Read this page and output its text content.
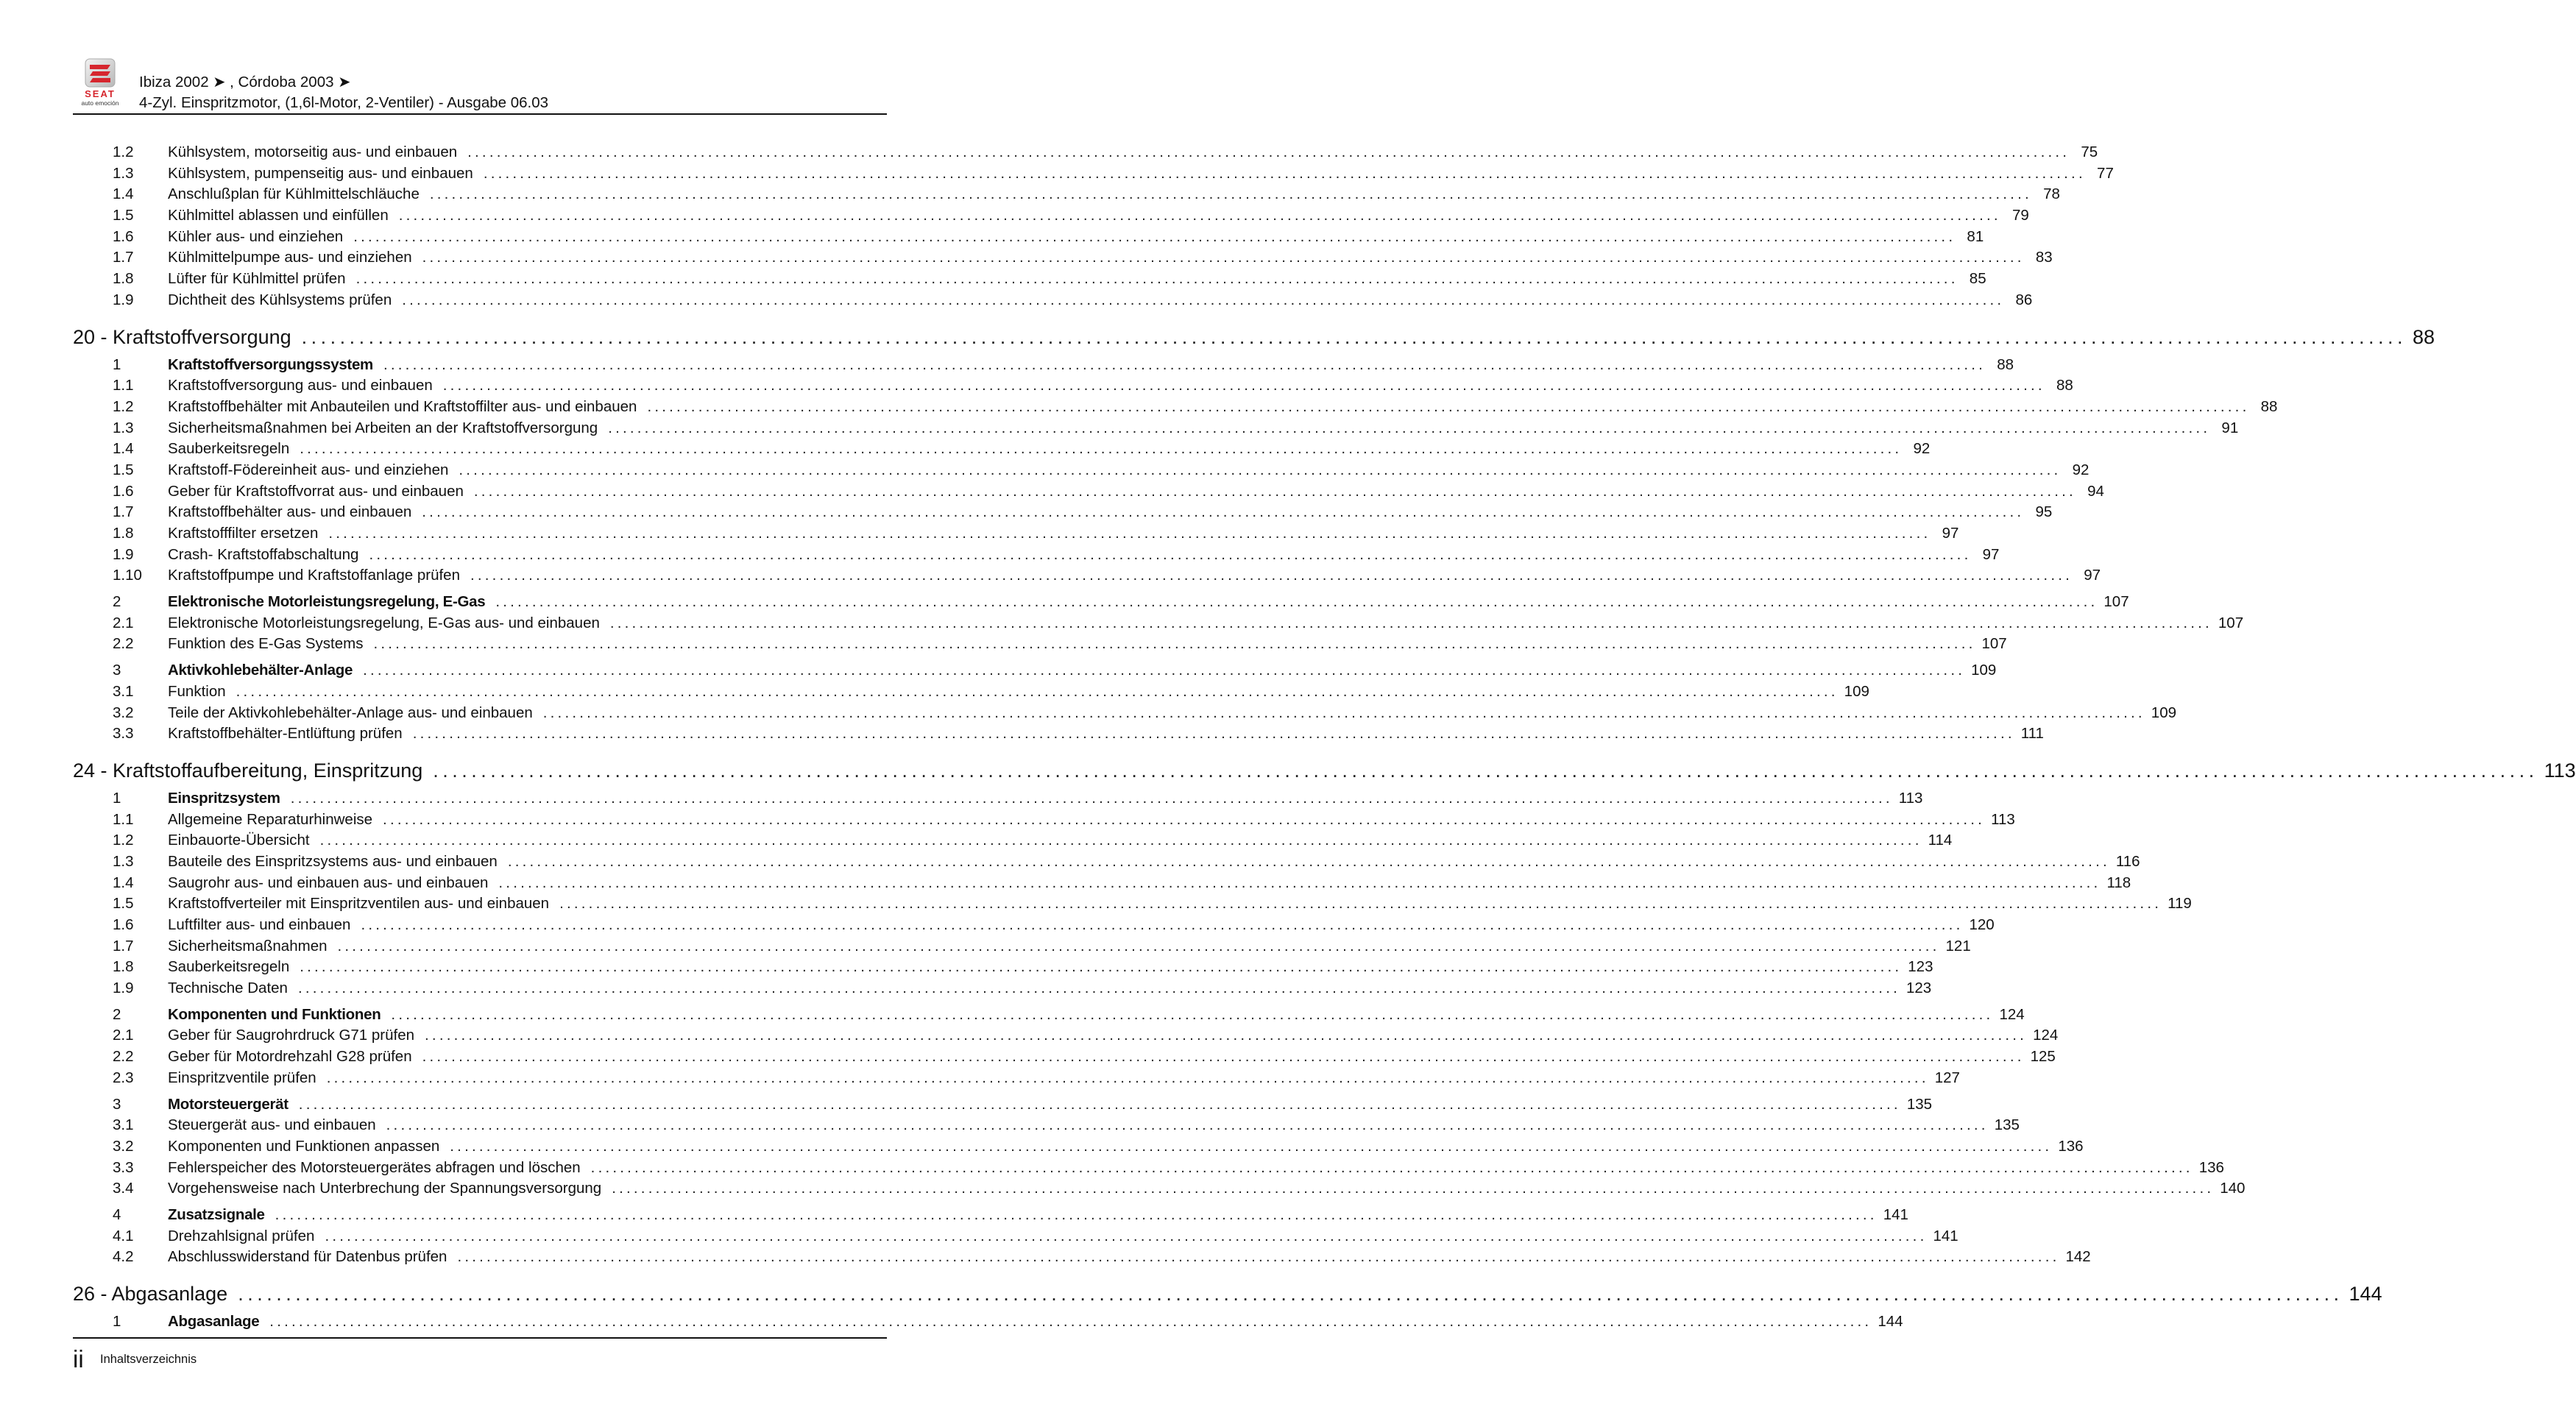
SEAT
auto emoción
Ibiza 2002 ➤ , Córdoba 2003 ➤
4-Zyl. Einspritzmotor, (1,6l-Motor, 2-Ventiler) - Ausgabe 06.03
1.2	Kühlsystem, motorseitig aus- und einbauen ............................................................................................................................................................................................................................ 75
1.3	Kühlsystem, pumpenseitig aus- und einbauen ............................................................................................................................................................................................................................ 77
1.4	Anschlußplan für Kühlmittelschläuche ............................................................................................................................................................................................................................ 78
1.5	Kühlmittel ablassen und einfüllen ............................................................................................................................................................................................................................ 79
1.6	Kühler aus- und einziehen ............................................................................................................................................................................................................................ 81
1.7	Kühlmittelpumpe aus- und einziehen ............................................................................................................................................................................................................................ 83
1.8	Lüfter für Kühlmittel prüfen ............................................................................................................................................................................................................................ 85
1.9	Dichtheit des Kühlsystems prüfen ............................................................................................................................................................................................................................ 86
20 - Kraftstoffversorgung ............................................................................................................................................................................................................................ 88
1	Kraftstoffversorgungssystem ............................................................................................................................................................................................................................ 88
1.1	Kraftstoffversorgung aus- und einbauen ............................................................................................................................................................................................................................ 88
1.2	Kraftstoffbehälter mit Anbauteilen und Kraftstoffilter aus- und einbauen ............................................................................................................................................................................................................................ 88
1.3	Sicherheitsmaßnahmen bei Arbeiten an der Kraftstoffversorgung ............................................................................................................................................................................................................................ 91
1.4	Sauberkeitsregeln ............................................................................................................................................................................................................................ 92
1.5	Kraftstoff-Födereinheit aus- und einziehen ............................................................................................................................................................................................................................ 92
1.6	Geber für Kraftstoffvorrat aus- und einbauen ............................................................................................................................................................................................................................ 94
1.7	Kraftstoffbehälter aus- und einbauen ............................................................................................................................................................................................................................ 95
1.8	Kraftstofffilter ersetzen ............................................................................................................................................................................................................................ 97
1.9	Crash- Kraftstoffabschaltung ............................................................................................................................................................................................................................ 97
1.10	Kraftstoffpumpe und Kraftstoffanlage prüfen ............................................................................................................................................................................................................................ 97
2	Elektronische Motorleistungsregelung, E-Gas ............................................................................................................................................................................................................................ 107
2.1	Elektronische Motorleistungsregelung, E-Gas aus- und einbauen ............................................................................................................................................................................................................................ 107
2.2	Funktion des E-Gas Systems ............................................................................................................................................................................................................................ 107
3	Aktivkohlebehälter-Anlage ............................................................................................................................................................................................................................ 109
3.1	Funktion ............................................................................................................................................................................................................................ 109
3.2	Teile der Aktivkohlebehälter-Anlage aus- und einbauen ............................................................................................................................................................................................................................ 109
3.3	Kraftstoffbehälter-Entlüftung prüfen ............................................................................................................................................................................................................................ 111
24 - Kraftstoffaufbereitung, Einspritzung ............................................................................................................................................................................................................................ 113
1	Einspritzsystem ............................................................................................................................................................................................................................ 113
1.1	Allgemeine Reparaturhinweise ............................................................................................................................................................................................................................ 113
1.2	Einbauorte-Übersicht ............................................................................................................................................................................................................................ 114
1.3	Bauteile des Einspritzsystems aus- und einbauen ............................................................................................................................................................................................................................ 116
1.4	Saugrohr aus- und einbauen aus- und einbauen ............................................................................................................................................................................................................................ 118
1.5	Kraftstoffverteiler mit Einspritzventilen aus- und einbauen ............................................................................................................................................................................................................................ 119
1.6	Luftfilter aus- und einbauen ............................................................................................................................................................................................................................ 120
1.7	Sicherheitsmaßnahmen ............................................................................................................................................................................................................................ 121
1.8	Sauberkeitsregeln ............................................................................................................................................................................................................................ 123
1.9	Technische Daten ............................................................................................................................................................................................................................ 123
2	Komponenten und Funktionen ............................................................................................................................................................................................................................ 124
2.1	Geber für Saugrohrdruck G71 prüfen ............................................................................................................................................................................................................................ 124
2.2	Geber für Motordrehzahl G28 prüfen ............................................................................................................................................................................................................................ 125
2.3	Einspritzventile prüfen ............................................................................................................................................................................................................................ 127
3	Motorsteuergerät ............................................................................................................................................................................................................................ 135
3.1	Steuergerät aus- und einbauen ............................................................................................................................................................................................................................ 135
3.2	Komponenten und Funktionen anpassen ............................................................................................................................................................................................................................ 136
3.3	Fehlerspeicher des Motorsteuergerätes abfragen und löschen ............................................................................................................................................................................................................................ 136
3.4	Vorgehensweise nach Unterbrechung der Spannungsversorgung ............................................................................................................................................................................................................................ 140
4	Zusatzsignale ............................................................................................................................................................................................................................ 141
4.1	Drehzahlsignal prüfen ............................................................................................................................................................................................................................ 141
4.2	Abschlusswiderstand für Datenbus prüfen ............................................................................................................................................................................................................................ 142
26 - Abgasanlage ............................................................................................................................................................................................................................ 144
1	Abgasanlage ............................................................................................................................................................................................................................ 144
ii Inhaltsverzeichnis
